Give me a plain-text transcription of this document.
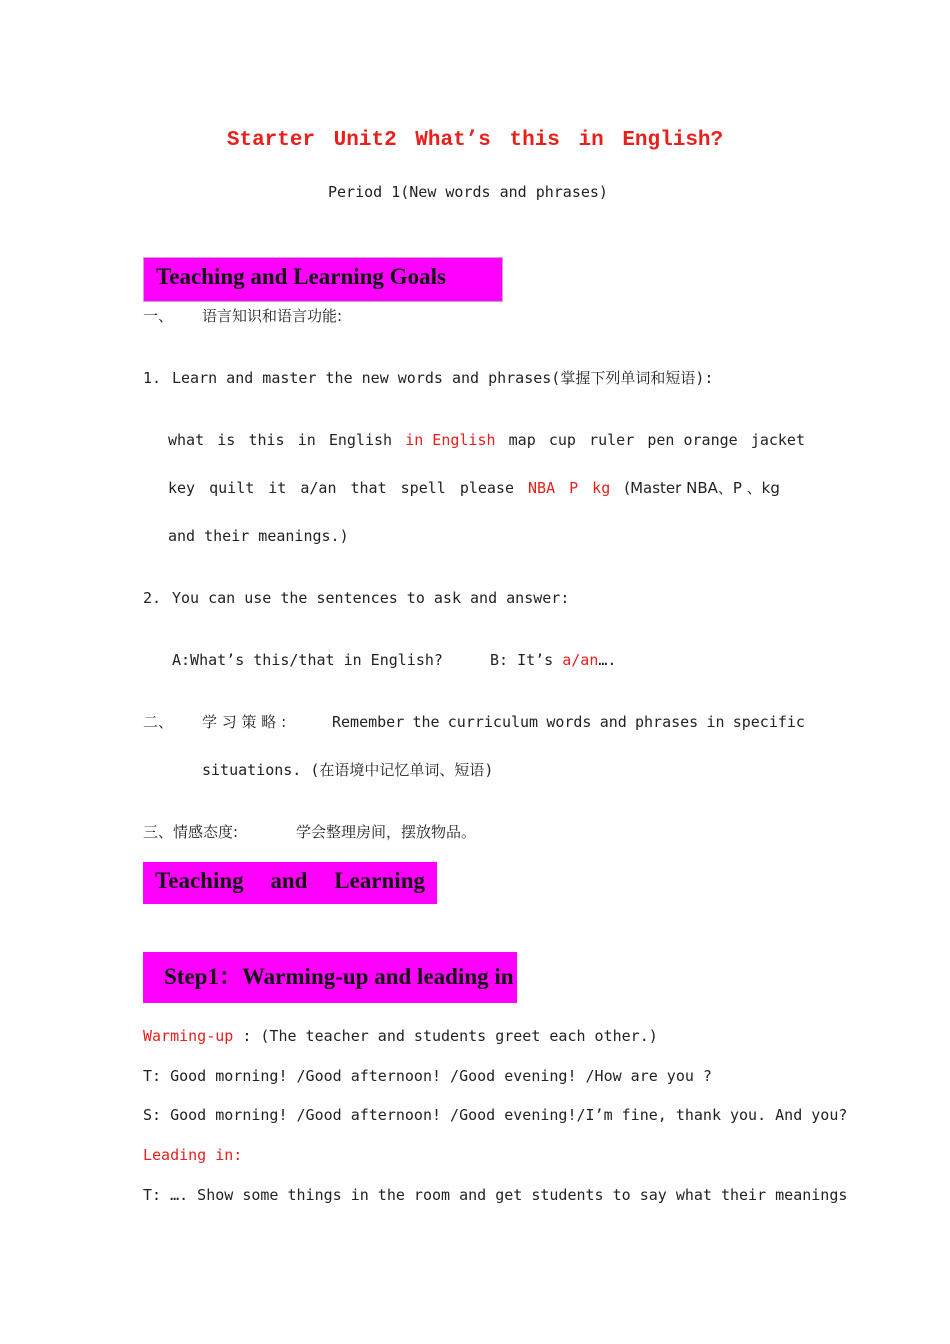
Starter Unit2 What’s this in English?
Period 1(New words and phrases)
Teaching and Learning Goals
一、 语言知识和语言功能:
1. Learn and master the new words and phrases(掌握下列单词和短语):
what is this in English in English map cup ruler pen orange jacket
key quilt it a/an that spell please NBA P kg (Master NBA、P 、kg
and their meanings.)
2. You can use the sentences to ask and answer:
A:What’s this/that in English?	B: It’s a/an….
二、 学 习 策 略 :	Remember the curriculum words and phrases in specific
situations. (在语境中记忆单词、短语)
三、情感态度:	学会整理房间，摆放物品。
Teaching and Learning
Step1：Warming-up and leading in
Warming-up : (The teacher and students greet each other.)
T: Good morning! /Good afternoon! /Good evening! /How are you ?
S: Good morning! /Good afternoon! /Good evening!/I’m fine, thank you. And you?
Leading in:
T: …. Show some things in the room and get students to say what their meanings
